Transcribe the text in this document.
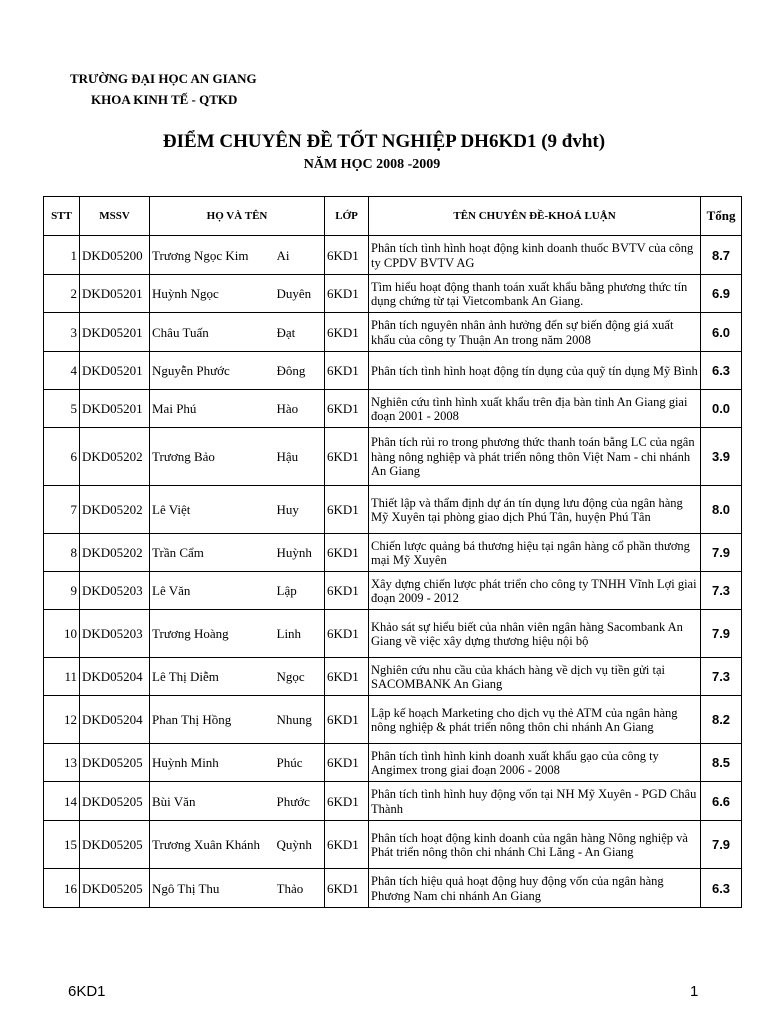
TRƯỜNG ĐẠI HỌC AN GIANG
KHOA KINH TẾ - QTKD
ĐIỂM CHUYÊN ĐỀ TỐT NGHIỆP DH6KD1 (9 đvht)
NĂM HỌC 2008 -2009
STT	MSSV	HỌ VÀ TÊN		LỚP	TÊN CHUYÊN ĐỀ-KHOÁ LUẬN	Tổng
1	DKD05200	Trương Ngọc Kim	Ai	6KD1	Phân tích tình hình hoạt động kinh doanh thuốc BVTV của công ty CPDV BVTV AG	8.7
2	DKD05201	Huỳnh Ngọc	Duyên	6KD1	Tìm hiểu hoạt động thanh toán xuất khẩu bằng phương thức tín dụng chứng từ tại Vietcombank An Giang.	6.9
3	DKD05201	Châu Tuấn	Đạt	6KD1	Phân tích nguyên nhân ảnh hưởng đến sự biến động giá xuất khẩu của công ty Thuận An trong năm 2008	6.0
4	DKD05201	Nguyễn Phước	Đông	6KD1	Phân tích tình hình hoạt động tín dụng của quỹ tín dụng Mỹ Bình	6.3
5	DKD05201	Mai Phú	Hào	6KD1	Nghiên cứu tình hình xuất khẩu trên địa bàn tỉnh An Giang giai đoạn 2001 - 2008	0.0
6	DKD05202	Trương Bảo	Hậu	6KD1	Phân tích rủi ro trong phương thức thanh toán bằng LC của ngân hàng nông nghiệp và phát triển nông thôn Việt Nam - chi nhánh An Giang	3.9
7	DKD05202	Lê Việt	Huy	6KD1	Thiết lập và thẩm định dự án tín dụng lưu động của ngân hàng Mỹ Xuyên tại phòng giao dịch Phú Tân, huyện Phú Tân	8.0
8	DKD05202	Trần Cẩm	Huỳnh	6KD1	Chiến lược quảng bá thương hiệu tại ngân hàng cổ phần thương mại Mỹ Xuyên	7.9
9	DKD05203	Lê Văn	Lập	6KD1	Xây dựng chiến lược phát triển cho công ty TNHH Vĩnh Lợi giai đoạn 2009 - 2012	7.3
10	DKD05203	Trương Hoàng	Linh	6KD1	Khảo sát sự hiểu biết của nhân viên ngân hàng Sacombank An Giang về việc xây dựng thương hiệu nội bộ	7.9
11	DKD05204	Lê Thị Diễm	Ngọc	6KD1	Nghiên cứu nhu cầu của khách hàng về dịch vụ tiền gửi tại SACOMBANK An Giang	7.3
12	DKD05204	Phan Thị Hồng	Nhung	6KD1	Lập kế hoạch Marketing cho dịch vụ thẻ ATM của ngân hàng nông nghiệp & phát triển nông thôn chi nhánh An Giang	8.2
13	DKD05205	Huỳnh Minh	Phúc	6KD1	Phân tích tình hình kinh doanh xuất khẩu gạo của công ty Angimex trong giai đoạn 2006 - 2008	8.5
14	DKD05205	Bùi Văn	Phước	6KD1	Phân tích tình hình huy động vốn tại NH Mỹ Xuyên - PGD Châu Thành	6.6
15	DKD05205	Trương Xuân Khánh	Quỳnh	6KD1	Phân tích hoạt động kinh doanh của ngân hàng Nông nghiệp và Phát triển nông thôn chi nhánh Chi Lăng - An Giang	7.9
16	DKD05205	Ngô Thị Thu	Thảo	6KD1	Phân tích hiệu quả hoạt động huy động vốn của ngân hàng Phương Nam chi nhánh An Giang	6.3
6KD1	1
